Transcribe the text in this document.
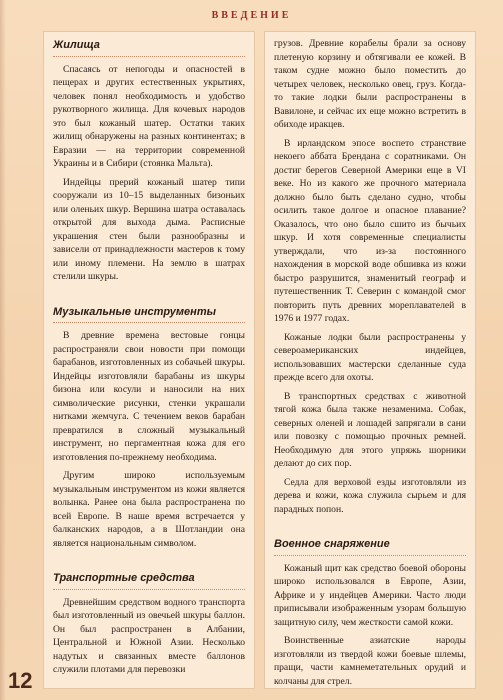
ВВЕДЕНИЕ
Жилища

Спасаясь от непогоды и опасностей в пещерах и других естественных укрытиях, человек понял необходимость и удобство рукотворного жилища. Для кочевых народов это был кожаный шатер. Остатки таких жилищ обнаружены на разных континентах; в Евразии — на территории современной Украины и в Сибири (стоянка Мальта).

Индейцы прерий кожаный шатер типи сооружали из 10–15 выделанных бизоньих или оленьих шкур. Вершина шатра оставалась открытой для выхода дыма. Расписные украшения стен были разнообразны и зависели от принадлежности мастеров к тому или иному племени. На землю в шатрах стелили шкуры.

Музыкальные инструменты

В древние времена вестовые гонцы распространяли свои новости при помощи барабанов, изготовленных из собачьей шкуры. Индейцы изготовляли барабаны из шкуры бизона или косули и наносили на них символические рисунки, стенки украшали нитками жемчуга. С течением веков барабан превратился в сложный музыкальный инструмент, но пергаментная кожа для его изготовления по-прежнему необходима.

Другим широко используемым музыкальным инструментом из кожи является волынка. Ранее она была распространена по всей Европе. В наше время встречается у балканских народов, а в Шотландии она является национальным символом.

Транспортные средства

Древнейшим средством водного транспорта был изготовленный из овечьей шкуры баллон. Он был распространен в Албании, Центральной и Южной Азии. Несколько надутых и связанных вместе баллонов служили плотами для перевозки

грузов. Древние корабелы брали за основу плетеную корзину и обтягивали ее кожей. В таком судне можно было поместить до четырех человек, несколько овец, груз. Когда-то такие лодки были распространены в Вавилоне, и сейчас их еще можно встретить в обиходе иракцев.

В ирландском эпосе воспето странствие некоего аббата Брендана с соратниками. Он достиг берегов Северной Америки еще в VI веке. Но из какого же прочного материала должно было быть сделано судно, чтобы осилить такое долгое и опасное плавание? Оказалось, что оно было сшито из бычьих шкур. И хотя современные специалисты утверждали, что из-за постоянного нахождения в морской воде обшивка из кожи быстро разрушится, знаменитый географ и путешественник Т. Северин с командой смог повторить путь древних мореплавателей в 1976 и 1977 годах.

Кожаные лодки были распространены у североамериканских индейцев, использовавших мастерски сделанные суда прежде всего для охоты.

В транспортных средствах с животной тягой кожа была также незаменима. Собак, северных оленей и лошадей запрягали в сани или повозку с помощью прочных ремней. Необходимую для этого упряжь шорники делают до сих пор.

Седла для верховой езды изготовляли из дерева и кожи, кожа служила сырьем и для парадных попон.

Военное снаряжение

Кожаный щит как средство боевой обороны широко использовался в Европе, Азии, Африке и у индейцев Америки. Часто люди приписывали изображенным узорам большую защитную силу, чем жесткости самой кожи.

Воинственные азиатские народы изготовляли из твердой кожи боевые шлемы, пращи, части камнеметательных орудий и колчаны для стрел.

12
